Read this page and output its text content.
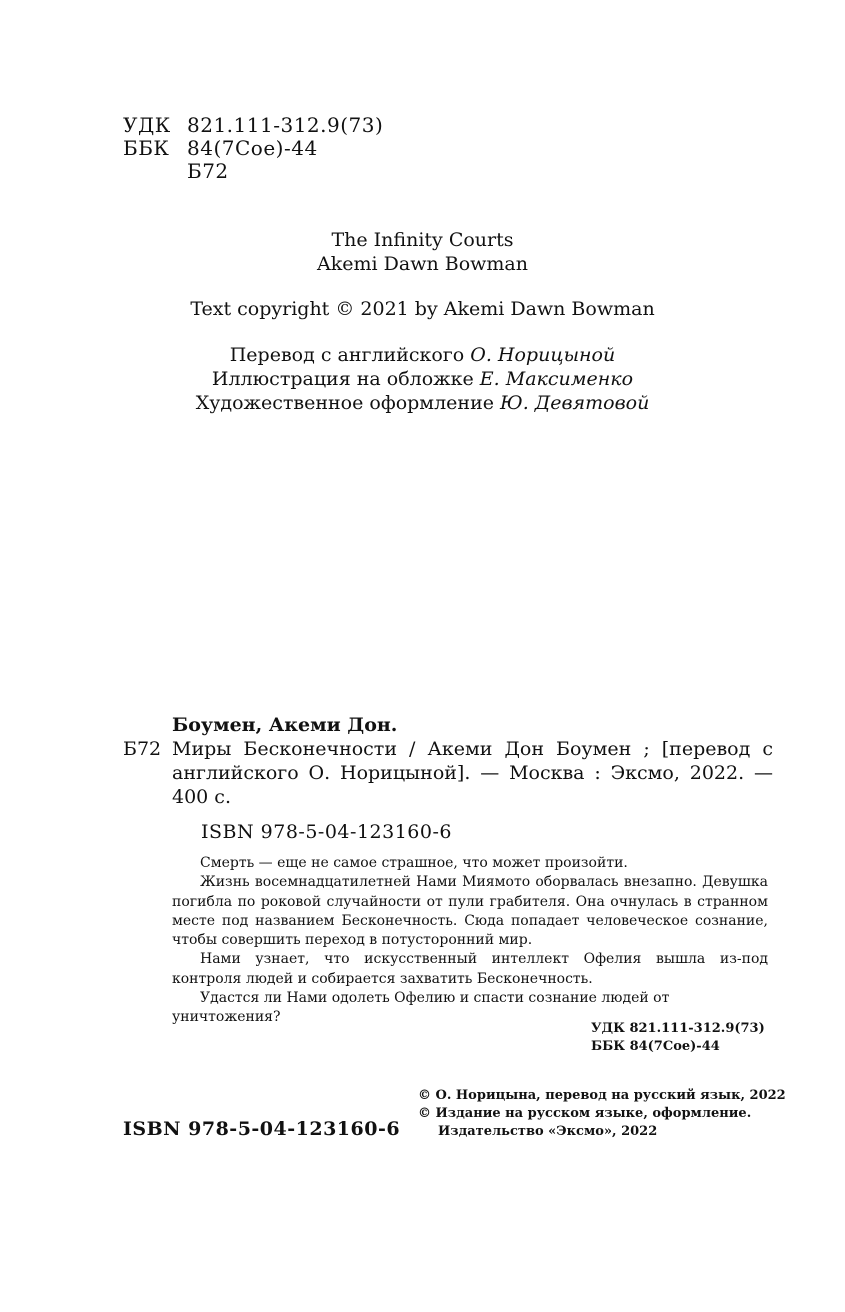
УДК 821.111-312.9(73)
ББК 84(7Сое)-44
Б72
The Infinity Courts
Akemi Dawn Bowman
Text copyright © 2021 by Akemi Dawn Bowman
Перевод с английского О. Норицыной
Иллюстрация на обложке Е. Максименко
Художественное оформление Ю. Девятовой
Боумен, Акеми Дон.
Б72 Миры Бесконечности / Акеми Дон Боумен ; [перевод с
английского О. Норицыной]. — Москва : Эксмо, 2022. —
400 с.
ISBN 978-5-04-123160-6

Смерть — еще не самое страшное, что может произойти.

Жизнь восемнадцатилетней Нами Миямото оборвалась внезапно. Девушка погибла по роковой случайности от пули грабителя. Она очнулась в странном месте под названием Бесконечность. Сюда попадает человеческое сознание, чтобы совершить переход в потусторонний мир.

Нами узнает, что искусственный интеллект Офелия вышла из-под контроля людей и собирается захватить Бесконечность.

Удастся ли Нами одолеть Офелию и спасти сознание людей от уничтожения?

УДК 821.111-312.9(73)
ББК 84(7Сое)-44
© О. Норицына, перевод на русский язык, 2022
© Издание на русском языке, оформление.
Издательство «Эксмо», 2022
ISBN 978-5-04-123160-6
